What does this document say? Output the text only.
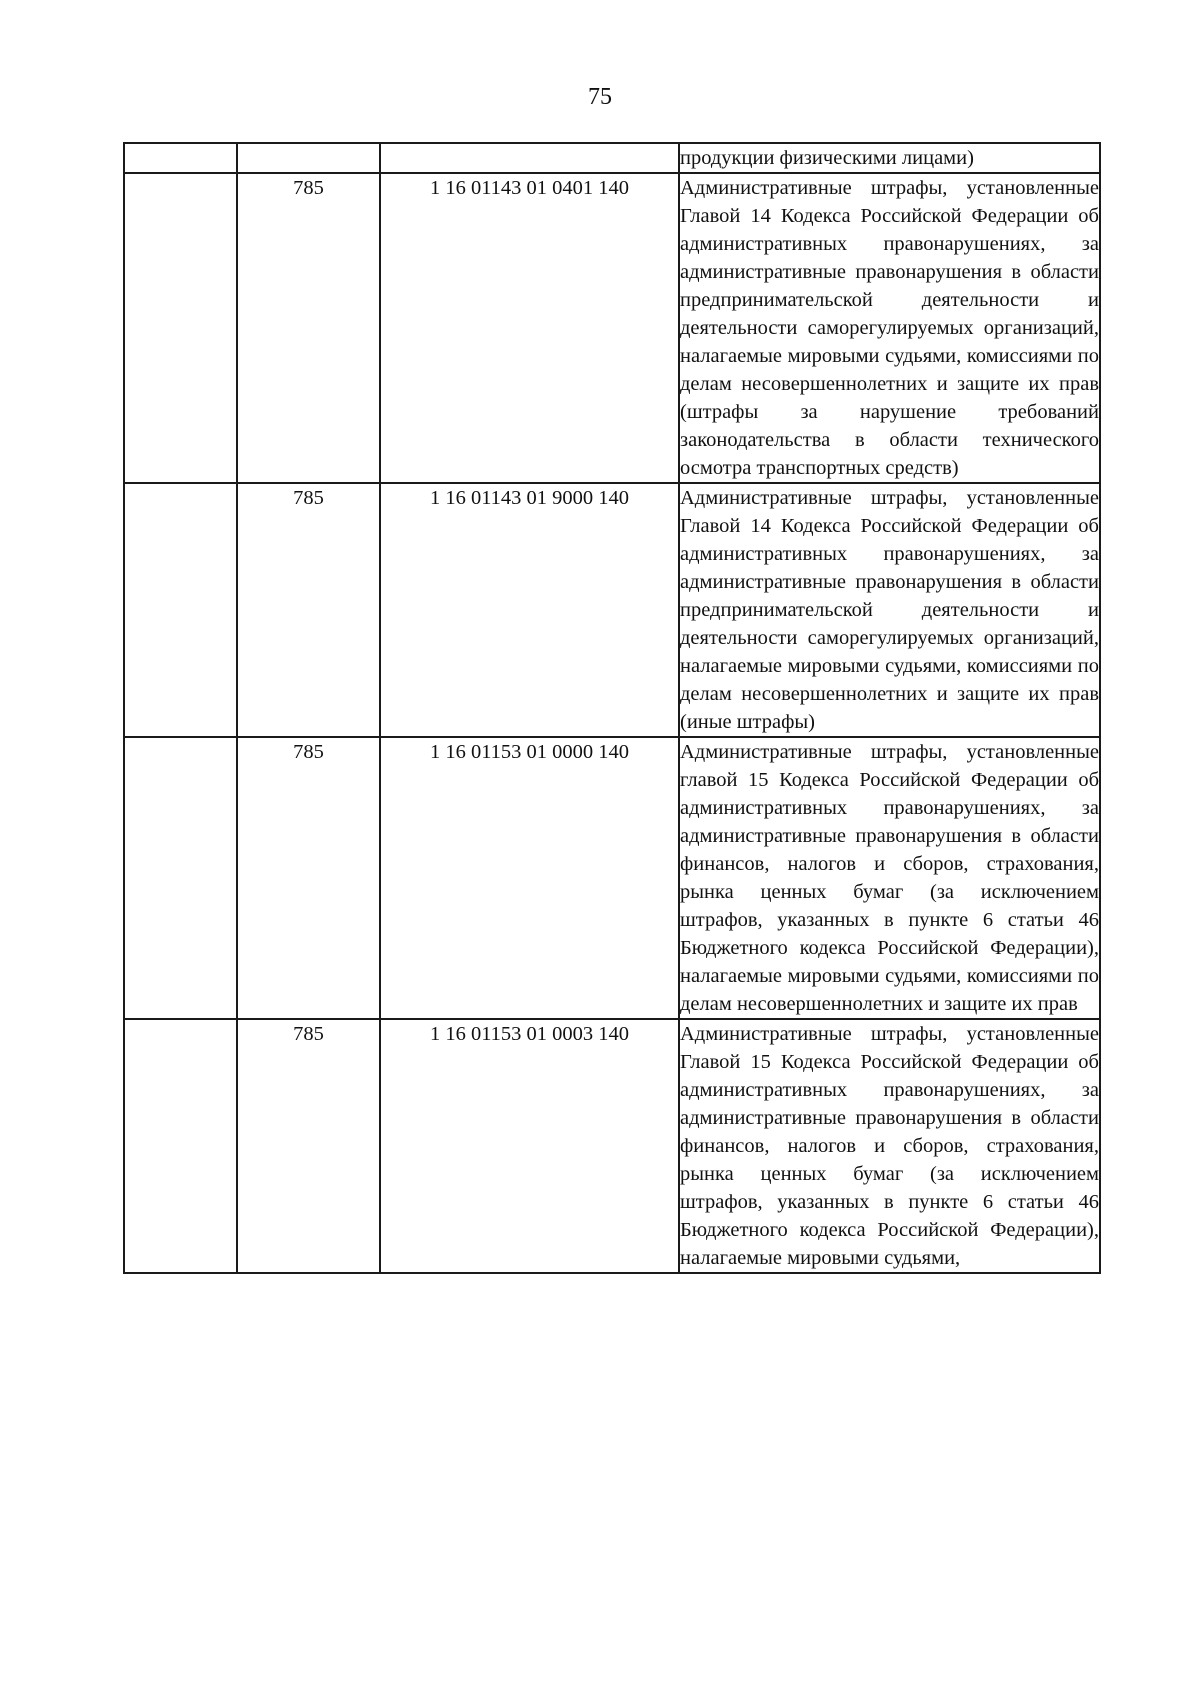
75

			продукции физическими лицами)

	785	1 16 01143 01 0401 140	Административные штрафы, установленные Главой 14 Кодекса Российской Федерации об административных правонарушениях, за административные правонарушения в области предпринимательской деятельности и деятельности саморегулируемых организаций, налагаемые мировыми судьями, комиссиями по делам несовершеннолетних и защите их прав (штрафы за нарушение требований законодательства в области технического осмотра транспортных средств)

	785	1 16 01143 01 9000 140	Административные штрафы, установленные Главой 14 Кодекса Российской Федерации об административных правонарушениях, за административные правонарушения в области предпринимательской деятельности и деятельности саморегулируемых организаций, налагаемые мировыми судьями, комиссиями по делам несовершеннолетних и защите их прав (иные штрафы)

	785	1 16 01153 01 0000 140	Административные штрафы, установленные главой 15 Кодекса Российской Федерации об административных правонарушениях, за административные правонарушения в области финансов, налогов и сборов, страхования, рынка ценных бумаг (за исключением штрафов, указанных в пункте 6 статьи 46 Бюджетного кодекса Российской Федерации), налагаемые мировыми судьями, комиссиями по делам несовершеннолетних и защите их прав

	785	1 16 01153 01 0003 140	Административные штрафы, установленные Главой 15 Кодекса Российской Федерации об административных правонарушениях, за административные правонарушения в области финансов, налогов и сборов, страхования, рынка ценных бумаг (за исключением штрафов, указанных в пункте 6 статьи 46 Бюджетного кодекса Российской Федерации), налагаемые мировыми судьями,
